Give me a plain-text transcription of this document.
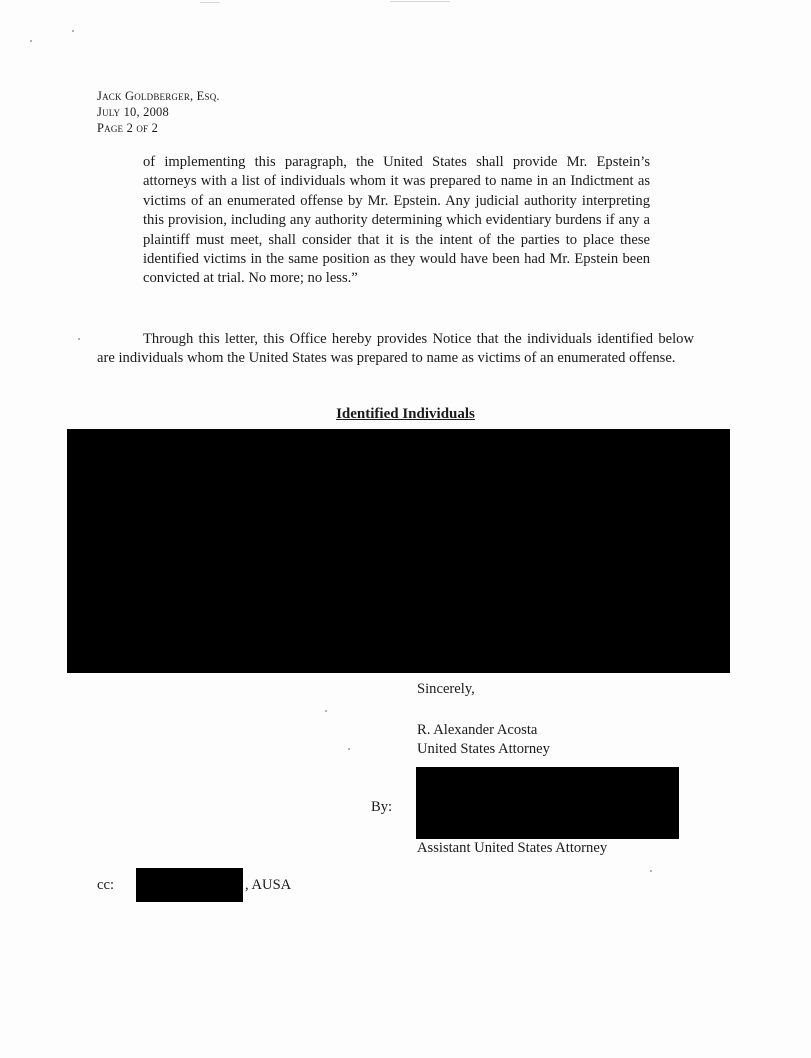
Jack Goldberger, Esq.
July 10, 2008
Page 2 of 2
of implementing this paragraph, the United States shall provide Mr. Epstein’s attorneys with a list of individuals whom it was prepared to name in an Indictment as victims of an enumerated offense by Mr. Epstein. Any judicial authority interpreting this provision, including any authority determining which evidentiary burdens if any a plaintiff must meet, shall consider that it is the intent of the parties to place these identified victims in the same position as they would have been had Mr. Epstein been convicted at trial. No more; no less.”
Through this letter, this Office hereby provides Notice that the individuals identified below are individuals whom the United States was prepared to name as victims of an enumerated offense.
Identified Individuals
Sincerely,
R. Alexander Acosta
United States Attorney
By:
Assistant United States Attorney
cc:	, AUSA
